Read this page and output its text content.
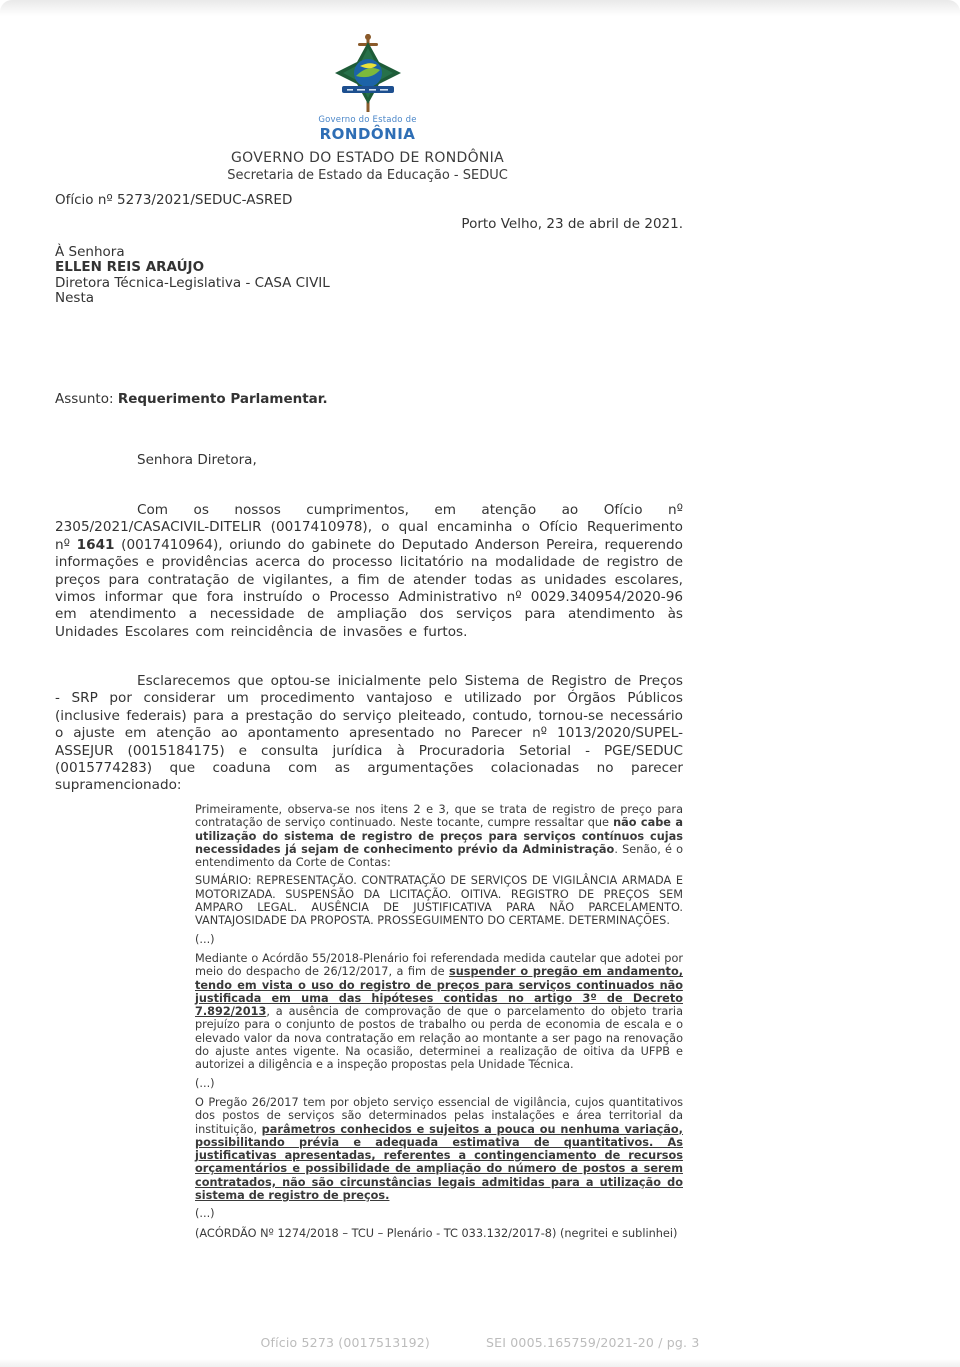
Governo do Estado de
RONDÔNIA
GOVERNO DO ESTADO DE RONDÔNIA
Secretaria de Estado da Educação - SEDUC
Ofício nº 5273/2021/SEDUC-ASRED
Porto Velho, 23 de abril de 2021.
À Senhora
ELLEN REIS ARAÚJO
Diretora Técnica-Legislativa - CASA CIVIL
Nesta
Assunto: Requerimento Parlamentar.
Senhora Diretora,
Com os nossos cumprimentos, em atenção ao Ofício nº 2305/2021/CASACIVIL-DITELIR (0017410978), o qual encaminha o Ofício Requerimento nº 1641 (0017410964), oriundo do gabinete do Deputado Anderson Pereira, requerendo informações e providências acerca do processo licitatório na modalidade de registro de preços para contratação de vigilantes, a fim de atender todas as unidades escolares, vimos informar que fora instruído o Processo Administrativo nº 0029.340954/2020-96 em atendimento a necessidade de ampliação dos serviços para atendimento às Unidades Escolares com reincidência de invasões e furtos.
Esclarecemos que optou-se inicialmente pelo Sistema de Registro de Preços - SRP por considerar um procedimento vantajoso e utilizado por Órgãos Públicos (inclusive federais) para a prestação do serviço pleiteado, contudo, tornou-se necessário o ajuste em atenção ao apontamento apresentado no Parecer nº 1013/2020/SUPEL-ASSEJUR (0015184175) e consulta jurídica à Procuradoria Setorial - PGE/SEDUC (0015774283) que coaduna com as argumentações colacionadas no parecer supramencionado:

Primeiramente, observa-se nos itens 2 e 3, que se trata de registro de preço para contratação de serviço continuado. Neste tocante, cumpre ressaltar que não cabe a utilização do sistema de registro de preços para serviços contínuos cujas necessidades já sejam de conhecimento prévio da Administração. Senão, é o entendimento da Corte de Contas:

SUMÁRIO: REPRESENTAÇÃO. CONTRATAÇÃO DE SERVIÇOS DE VIGILÂNCIA ARMADA E MOTORIZADA. SUSPENSÃO DA LICITAÇÃO. OITIVA. REGISTRO DE PREÇOS SEM AMPARO LEGAL. AUSÊNCIA DE JUSTIFICATIVA PARA NÃO PARCELAMENTO. VANTAJOSIDADE DA PROPOSTA. PROSSEGUIMENTO DO CERTAME. DETERMINAÇÕES.

(...)

Mediante o Acórdão 55/2018-Plenário foi referendada medida cautelar que adotei por meio do despacho de 26/12/2017, a fim de suspender o pregão em andamento, tendo em vista o uso do registro de preços para serviços continuados não justificada em uma das hipóteses contidas no artigo 3º de Decreto 7.892/2013, a ausência de comprovação de que o parcelamento do objeto traria prejuízo para o conjunto de postos de trabalho ou perda de economia de escala e o elevado valor da nova contratação em relação ao montante a ser pago na renovação do ajuste antes vigente. Na ocasião, determinei a realização de oitiva da UFPB e autorizei a diligência e a inspeção propostas pela Unidade Técnica.

(...)

O Pregão 26/2017 tem por objeto serviço essencial de vigilância, cujos quantitativos dos postos de serviços são determinados pelas instalações e área territorial da instituição, parâmetros conhecidos e sujeitos a pouca ou nenhuma variação, possibilitando prévia e adequada estimativa de quantitativos. As justificativas apresentadas, referentes a contingenciamento de recursos orçamentários e possibilidade de ampliação do número de postos a serem contratados, não são circunstâncias legais admitidas para a utilização do sistema de registro de preços.

(...)

(ACÓRDÃO Nº 1274/2018 – TCU – Plenário - TC 033.132/2017-8) (negritei e sublinhei)

Ofício 5273 (0017513192)	SEI 0005.165759/2021-20 / pg. 3
